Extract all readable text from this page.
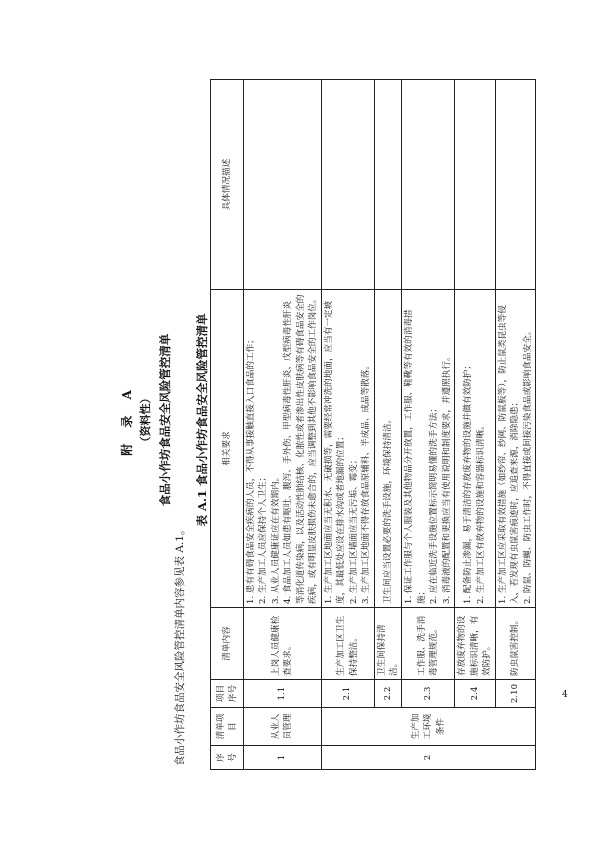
附 录 A （资料性） 食品小作坊食品安全风险管控清单
食品小作坊食品安全风险管控清单内容参见表 A.1。
表 A.1 食品小作坊食品安全风险管控清单
序号	清单项目	项目序号	清单内容	相关要求	具体情况描述
1	从业人员管理	1.1	上岗人员健康检查要求。	1. 患有有碍食品安全疾病的人员，不得从事接触直接入口食品的工作； 2. 生产加工人员应保持个人卫生； 3. 从业人员健康证应在有效期内。 4. 食品加工人员如患有呕吐、腹泻、手外伤、甲型病毒性肝炎、戊型病毒性肝炎等消化道传染病，以及活动性肺结核、化脓性或者渗出性皮肤病等有碍食品安全的疾病，或有明显皮肤损伤未愈合的，应当调整到其他不影响食品安全的工作岗位。	

2	生产加工环境条件	2.1	生产加工区卫生保持整洁。	1. 生产加工区地面应当无积水、无破损等，需要经常冲洗的地面，应当有一定坡度，其最低处应设在排水沟或者地漏的位置； 2. 生产加工区墙面应当无污垢、霉变； 3. 生产加工区地面不得存放食品原辅料、半成品、成品等散落。	

		2.2	卫生间保持清洁。	卫生间应当设置必要的洗手设施，环境保持清洁。	

		2.3	工作服、洗手消毒管理规范。	1. 保证工作服与个人服装及其他物品分开放置，工作服、鞋靴等有效的消毒措施； 2. 应在临近洗手设施位置标示简明易懂的洗手方法； 3. 消毒液的配置和更换应当有使用说明和制度要求，并遵照执行。	

		2.4	存放废弃物的设施标识清晰，有效防护。	1. 配备防止渗漏，易于清洁的存放废弃物的设施并做有效防护； 2. 生产加工区有放弃物的设施和容器标识清晰。	

		2.10	防虫鼠害控制。	1. 生产加工区应采取有效措施（如纱帘、纱网、防鼠板等），防止鼠类昆虫等侵入，若发现有虫鼠害痕迹时，应追查来源，消除隐患； 2. 防鼠、防蝇、防虫工作时，不得直接或间接污染食品或影响食品安全。	

4
